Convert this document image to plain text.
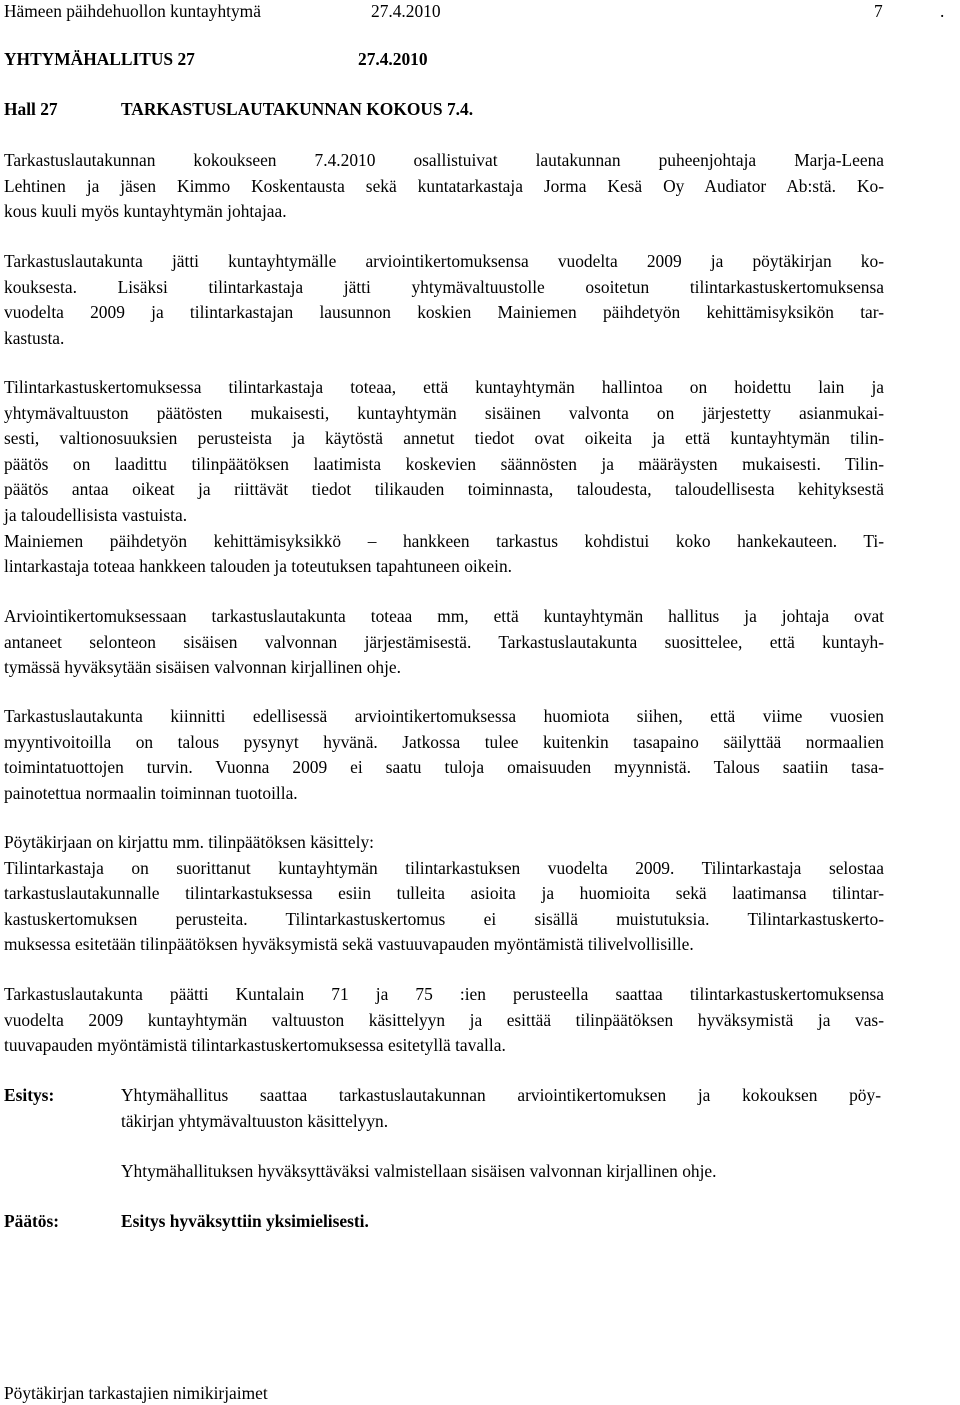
Hämeen päihdehuollon kuntayhtymä	27.4.2010	7	.
YHTYMÄHALLITUS 27	27.4.2010
Hall 27	TARKASTUSLAUTAKUNNAN KOKOUS 7.4.
Tarkastuslautakunnan kokoukseen 7.4.2010 osallistuivat lautakunnan puheenjohtaja Marja-Leena
Lehtinen ja jäsen Kimmo Koskentausta sekä kuntatarkastaja Jorma Kesä Oy Audiator Ab:stä. Ko-
kous kuuli myös kuntayhtymän johtajaa.
Tarkastuslautakunta jätti kuntayhtymälle arviointikertomuksensa vuodelta 2009 ja pöytäkirjan ko-
kouksesta. Lisäksi tilintarkastaja jätti yhtymävaltuustolle osoitetun tilintarkastuskertomuksensa
vuodelta 2009 ja tilintarkastajan lausunnon koskien Mainiemen päihdetyön kehittämisyksikön tar-
kastusta.
Tilintarkastuskertomuksessa tilintarkastaja toteaa, että kuntayhtymän hallintoa on hoidettu lain ja
yhtymävaltuuston päätösten mukaisesti, kuntayhtymän sisäinen valvonta on järjestetty asianmukai-
sesti, valtionosuuksien perusteista ja käytöstä annetut tiedot ovat oikeita ja että kuntayhtymän tilin-
päätös on laadittu tilinpäätöksen laatimista koskevien säännösten ja määräysten mukaisesti. Tilin-
päätös antaa oikeat ja riittävät tiedot tilikauden toiminnasta, taloudesta, taloudellisesta kehityksestä
ja taloudellisista vastuista.
Mainiemen päihdetyön kehittämisyksikkö – hankkeen tarkastus kohdistui koko hankekauteen. Ti-
lintarkastaja toteaa hankkeen talouden ja toteutuksen tapahtuneen oikein.
Arviointikertomuksessaan tarkastuslautakunta toteaa mm, että kuntayhtymän hallitus ja johtaja ovat
antaneet selonteon sisäisen valvonnan järjestämisestä. Tarkastuslautakunta suosittelee, että kuntayh-
tymässä hyväksytään sisäisen valvonnan kirjallinen ohje.
Tarkastuslautakunta kiinnitti edellisessä arviointikertomuksessa huomiota siihen, että viime vuosien
myyntivoitoilla on talous pysynyt hyvänä. Jatkossa tulee kuitenkin tasapaino säilyttää normaalien
toimintatuottojen turvin. Vuonna 2009 ei saatu tuloja omaisuuden myynnistä. Talous saatiin tasa-
painotettua normaalin toiminnan tuotoilla.
Pöytäkirjaan on kirjattu mm. tilinpäätöksen käsittely:
Tilintarkastaja on suorittanut kuntayhtymän tilintarkastuksen vuodelta 2009. Tilintarkastaja selostaa
tarkastuslautakunnalle tilintarkastuksessa esiin tulleita asioita ja huomioita sekä laatimansa tilintar-
kastuskertomuksen perusteita. Tilintarkastuskertomus ei sisällä muistutuksia. Tilintarkastuskerto-
muksessa esitetään tilinpäätöksen hyväksymistä sekä vastuuvapauden myöntämistä tilivelvollisille.
Tarkastuslautakunta päätti Kuntalain 71 ja 75 :ien perusteella saattaa tilintarkastuskertomuksensa
vuodelta 2009 kuntayhtymän valtuuston käsittelyyn ja esittää tilinpäätöksen hyväksymistä ja vas-
tuuvapauden myöntämistä tilintarkastuskertomuksessa esitetyllä tavalla.
Esitys:	Yhtymähallitus saattaa tarkastuslautakunnan arviointikertomuksen ja kokouksen pöy-
täkirjan yhtymävaltuuston käsittelyyn.
Yhtymähallituksen hyväksyttäväksi valmistellaan sisäisen valvonnan kirjallinen ohje.
Päätös:	Esitys hyväksyttiin yksimielisesti.
Pöytäkirjan tarkastajien nimikirjaimet
